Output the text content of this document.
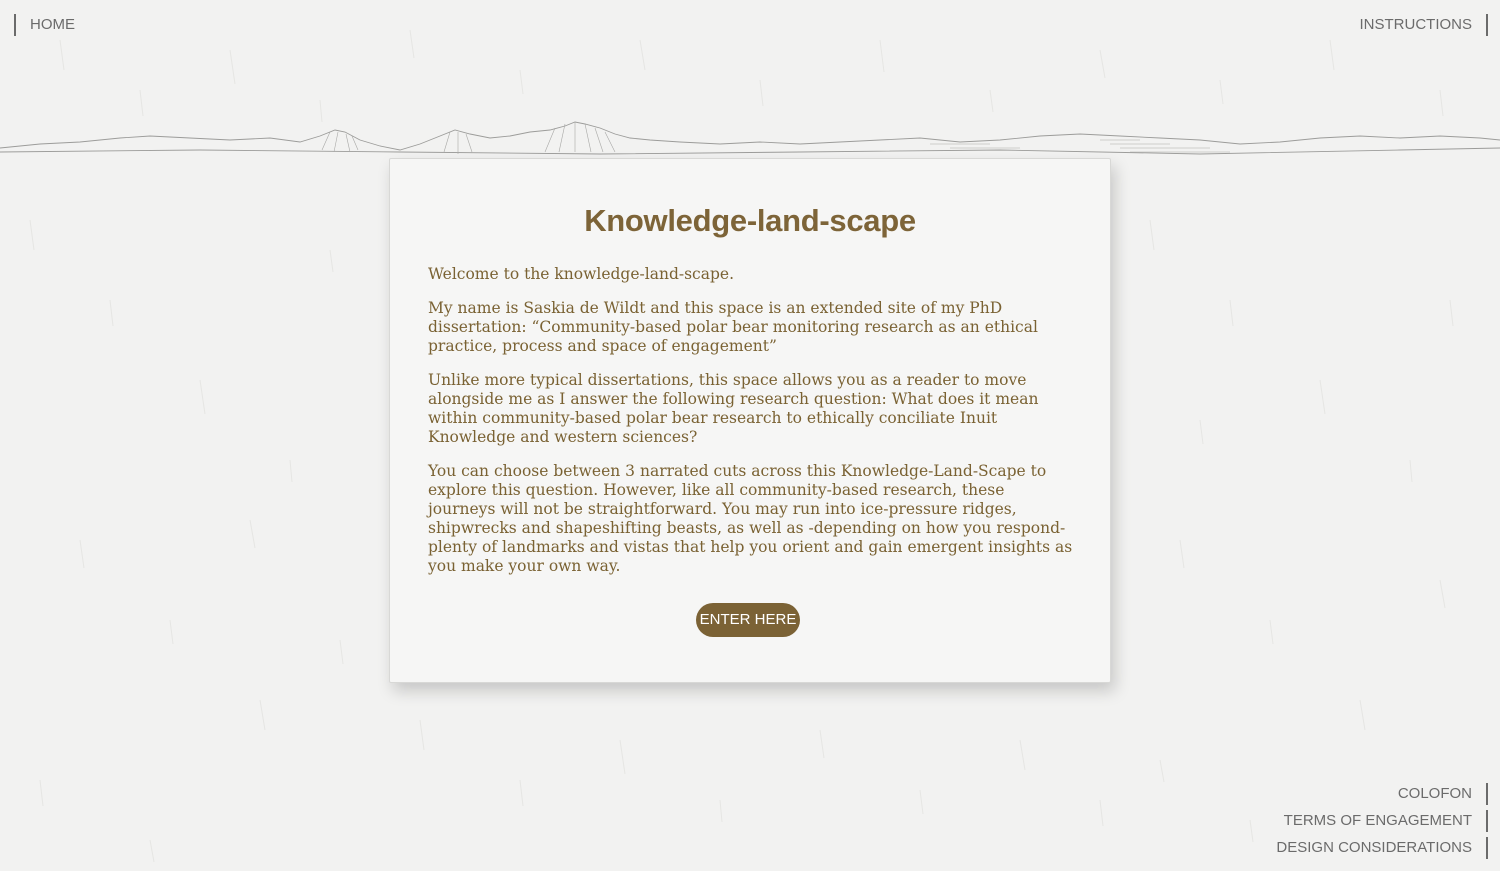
HOME	INSTRUCTIONS
Knowledge-land-scape

Welcome to the knowledge-land-scape.

My name is Saskia de Wildt and this space is an extended site of my PhD dissertation: “Community-based polar bear monitoring research as an ethical practice, process and space of engagement”

Unlike more typical dissertations, this space allows you as a reader to move alongside me as I answer the following research question: What does it mean within community-based polar bear research to ethically conciliate Inuit Knowledge and western sciences?

You can choose between 3 narrated cuts across this Knowledge-Land-Scape to explore this question. However, like all community-based research, these journeys will not be straightforward. You may run into ice-pressure ridges, shipwrecks and shapeshifting beasts, as well as -depending on how you respond- plenty of landmarks and vistas that help you orient and gain emergent insights as you make your own way.

ENTER HERE
COLOFON
TERMS OF ENGAGEMENT
DESIGN CONSIDERATIONS
